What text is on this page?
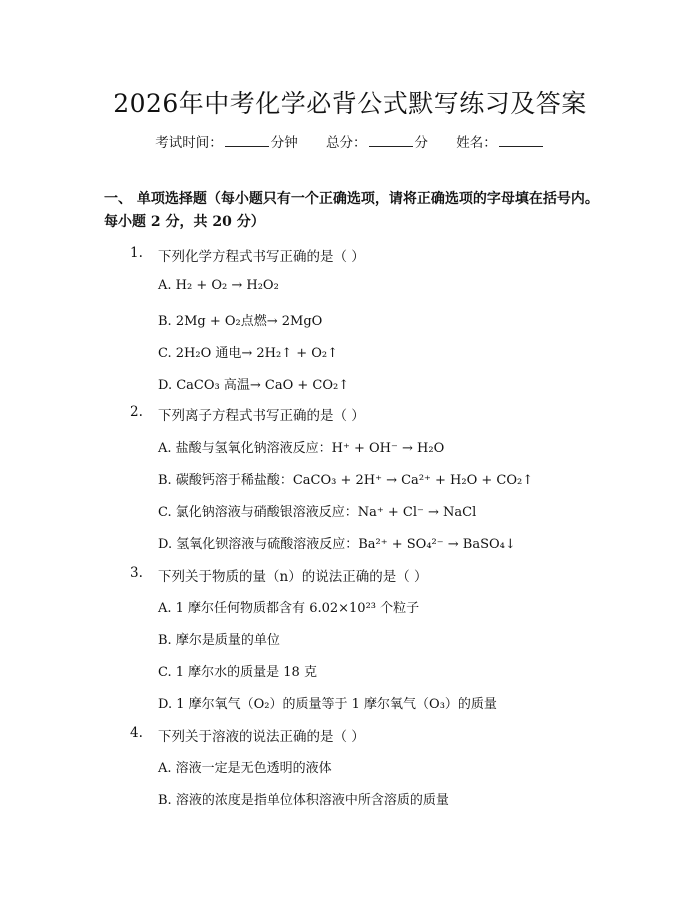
2026年中考化学必背公式默写练习及答案
考试时间：	分钟 总分：	分 姓名：
一、 单项选择题（每小题只有一个正确选项，请将正确选项的字母填在括号内。
每小题 2 分，共 20 分）
1. 下列化学方程式书写正确的是（ ）
A. H₂ + O₂ → H₂O₂
B. 2Mg + O₂点燃→ 2MgO
C. 2H₂O 通电→ 2H₂↑ + O₂↑
D. CaCO₃ 高温→ CaO + CO₂↑
2. 下列离子方程式书写正确的是（ ）
A. 盐酸与氢氧化钠溶液反应：H⁺ + OH⁻ → H₂O
B. 碳酸钙溶于稀盐酸：CaCO₃ + 2H⁺ → Ca²⁺ + H₂O + CO₂↑
C. 氯化钠溶液与硝酸银溶液反应：Na⁺ + Cl⁻ → NaCl
D. 氢氧化钡溶液与硫酸溶液反应：Ba²⁺ + SO₄²⁻ → BaSO₄↓
3. 下列关于物质的量（n）的说法正确的是（ ）
A. 1 摩尔任何物质都含有 6.02×10²³ 个粒子
B. 摩尔是质量的单位
C. 1 摩尔水的质量是 18 克
D. 1 摩尔氧气（O₂）的质量等于 1 摩尔氧气（O₃）的质量
4. 下列关于溶液的说法正确的是（ ）
A. 溶液一定是无色透明的液体
B. 溶液的浓度是指单位体积溶液中所含溶质的质量
